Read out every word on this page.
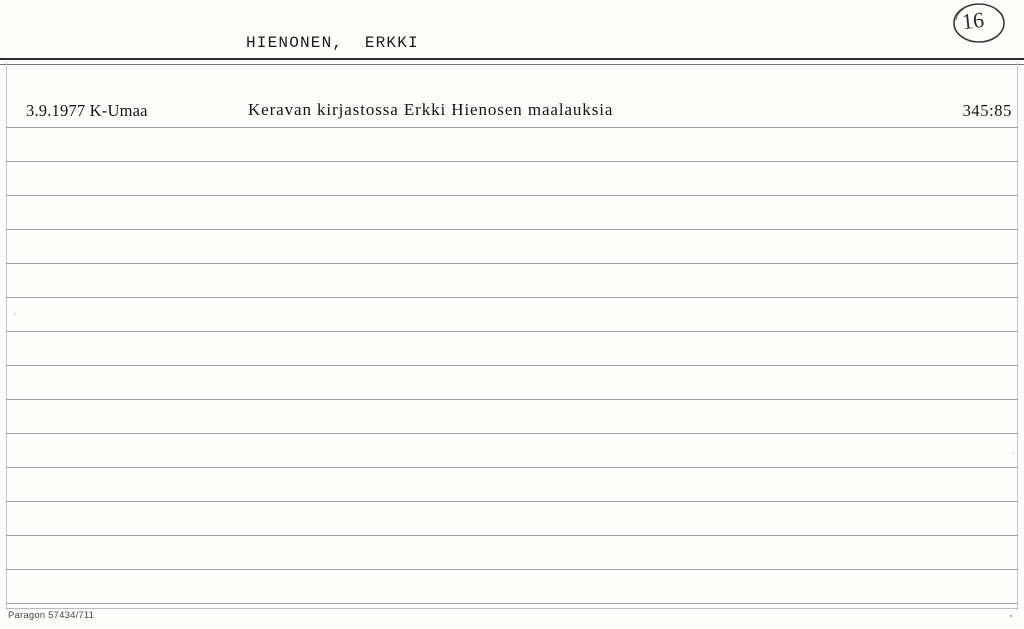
16
HIENONEN,  ERKKI
3.9.1977 K-Umaa	Keravan kirjastossa Erkki Hienosen maalauksia	345:85
Paragon 57434/711
